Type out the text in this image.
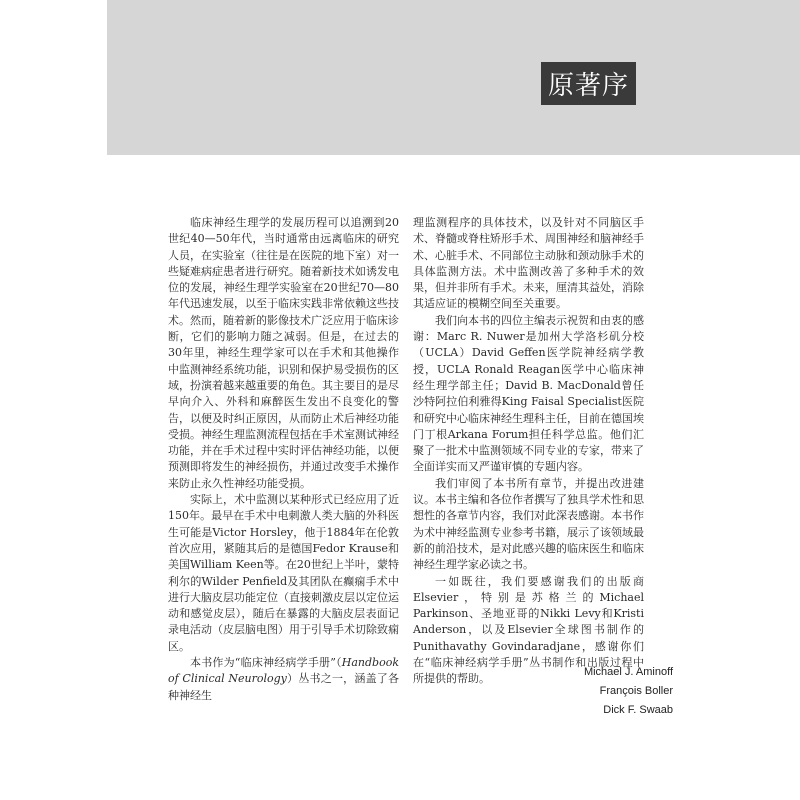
原著序

临床神经生理学的发展历程可以追溯到20世纪40—50年代，当时通常由远离临床的研究人员，在实验室（往往是在医院的地下室）对一些疑难病症患者进行研究。随着新技术如诱发电位的发展，神经生理学实验室在20世纪70—80年代迅速发展，以至于临床实践非常依赖这些技术。然而，随着新的影像技术广泛应用于临床诊断，它们的影响力随之减弱。但是，在过去的30年里，神经生理学家可以在手术和其他操作中监测神经系统功能，识别和保护易受损伤的区域，扮演着越来越重要的角色。其主要目的是尽早向介入、外科和麻醉医生发出不良变化的警告，以便及时纠正原因，从而防止术后神经功能受损。神经生理监测流程包括在手术室测试神经功能，并在手术过程中实时评估神经功能，以便预测即将发生的神经损伤，并通过改变手术操作来防止永久性神经功能受损。

实际上，术中监测以某种形式已经应用了近150年。最早在手术中电刺激人类大脑的外科医生可能是Victor Horsley，他于1884年在伦敦首次应用，紧随其后的是德国Fedor Krause和美国William Keen等。在20世纪上半叶，蒙特利尔的Wilder Penfield及其团队在癫痫手术中进行大脑皮层功能定位（直接刺激皮层以定位运动和感觉皮层），随后在暴露的大脑皮层表面记录电活动（皮层脑电图）用于引导手术切除致痫区。

本书作为“临床神经病学手册”（Handbook of Clinical Neurology）丛书之一，涵盖了各种神经生

理监测程序的具体技术，以及针对不同脑区手术、脊髓或脊柱矫形手术、周围神经和脑神经手术、心脏手术、不同部位主动脉和颈动脉手术的具体监测方法。术中监测改善了多种手术的效果，但并非所有手术。未来，厘清其益处，消除其适应证的模糊空间至关重要。

我们向本书的四位主编表示祝贺和由衷的感谢：Marc R. Nuwer是加州大学洛杉矶分校（UCLA）David Geffen医学院神经病学教授，UCLA Ronald Reagan医学中心临床神经生理学部主任；David B. MacDonald曾任沙特阿拉伯利雅得King Faisal Specialist医院和研究中心临床神经生理科主任，目前在德国埃门丁根Arkana Forum担任科学总监。他们汇聚了一批术中监测领域不同专业的专家，带来了全面详实而又严谨审慎的专题内容。

我们审阅了本书所有章节，并提出改进建议。本书主编和各位作者撰写了独具学术性和思想性的各章节内容，我们对此深表感谢。本书作为术中神经监测专业参考书籍，展示了该领域最新的前沿技术，是对此感兴趣的临床医生和临床神经生理学家必读之书。

一如既往，我们要感谢我们的出版商Elsevier，特别是苏格兰的Michael Parkinson、圣地亚哥的Nikki Levy和Kristi Anderson，以及Elsevier全球图书制作的Punithavathy Govindaradjane，感谢你们在“临床神经病学手册”丛书制作和出版过程中所提供的帮助。

Michael J. Aminoff
François Boller
Dick F. Swaab
